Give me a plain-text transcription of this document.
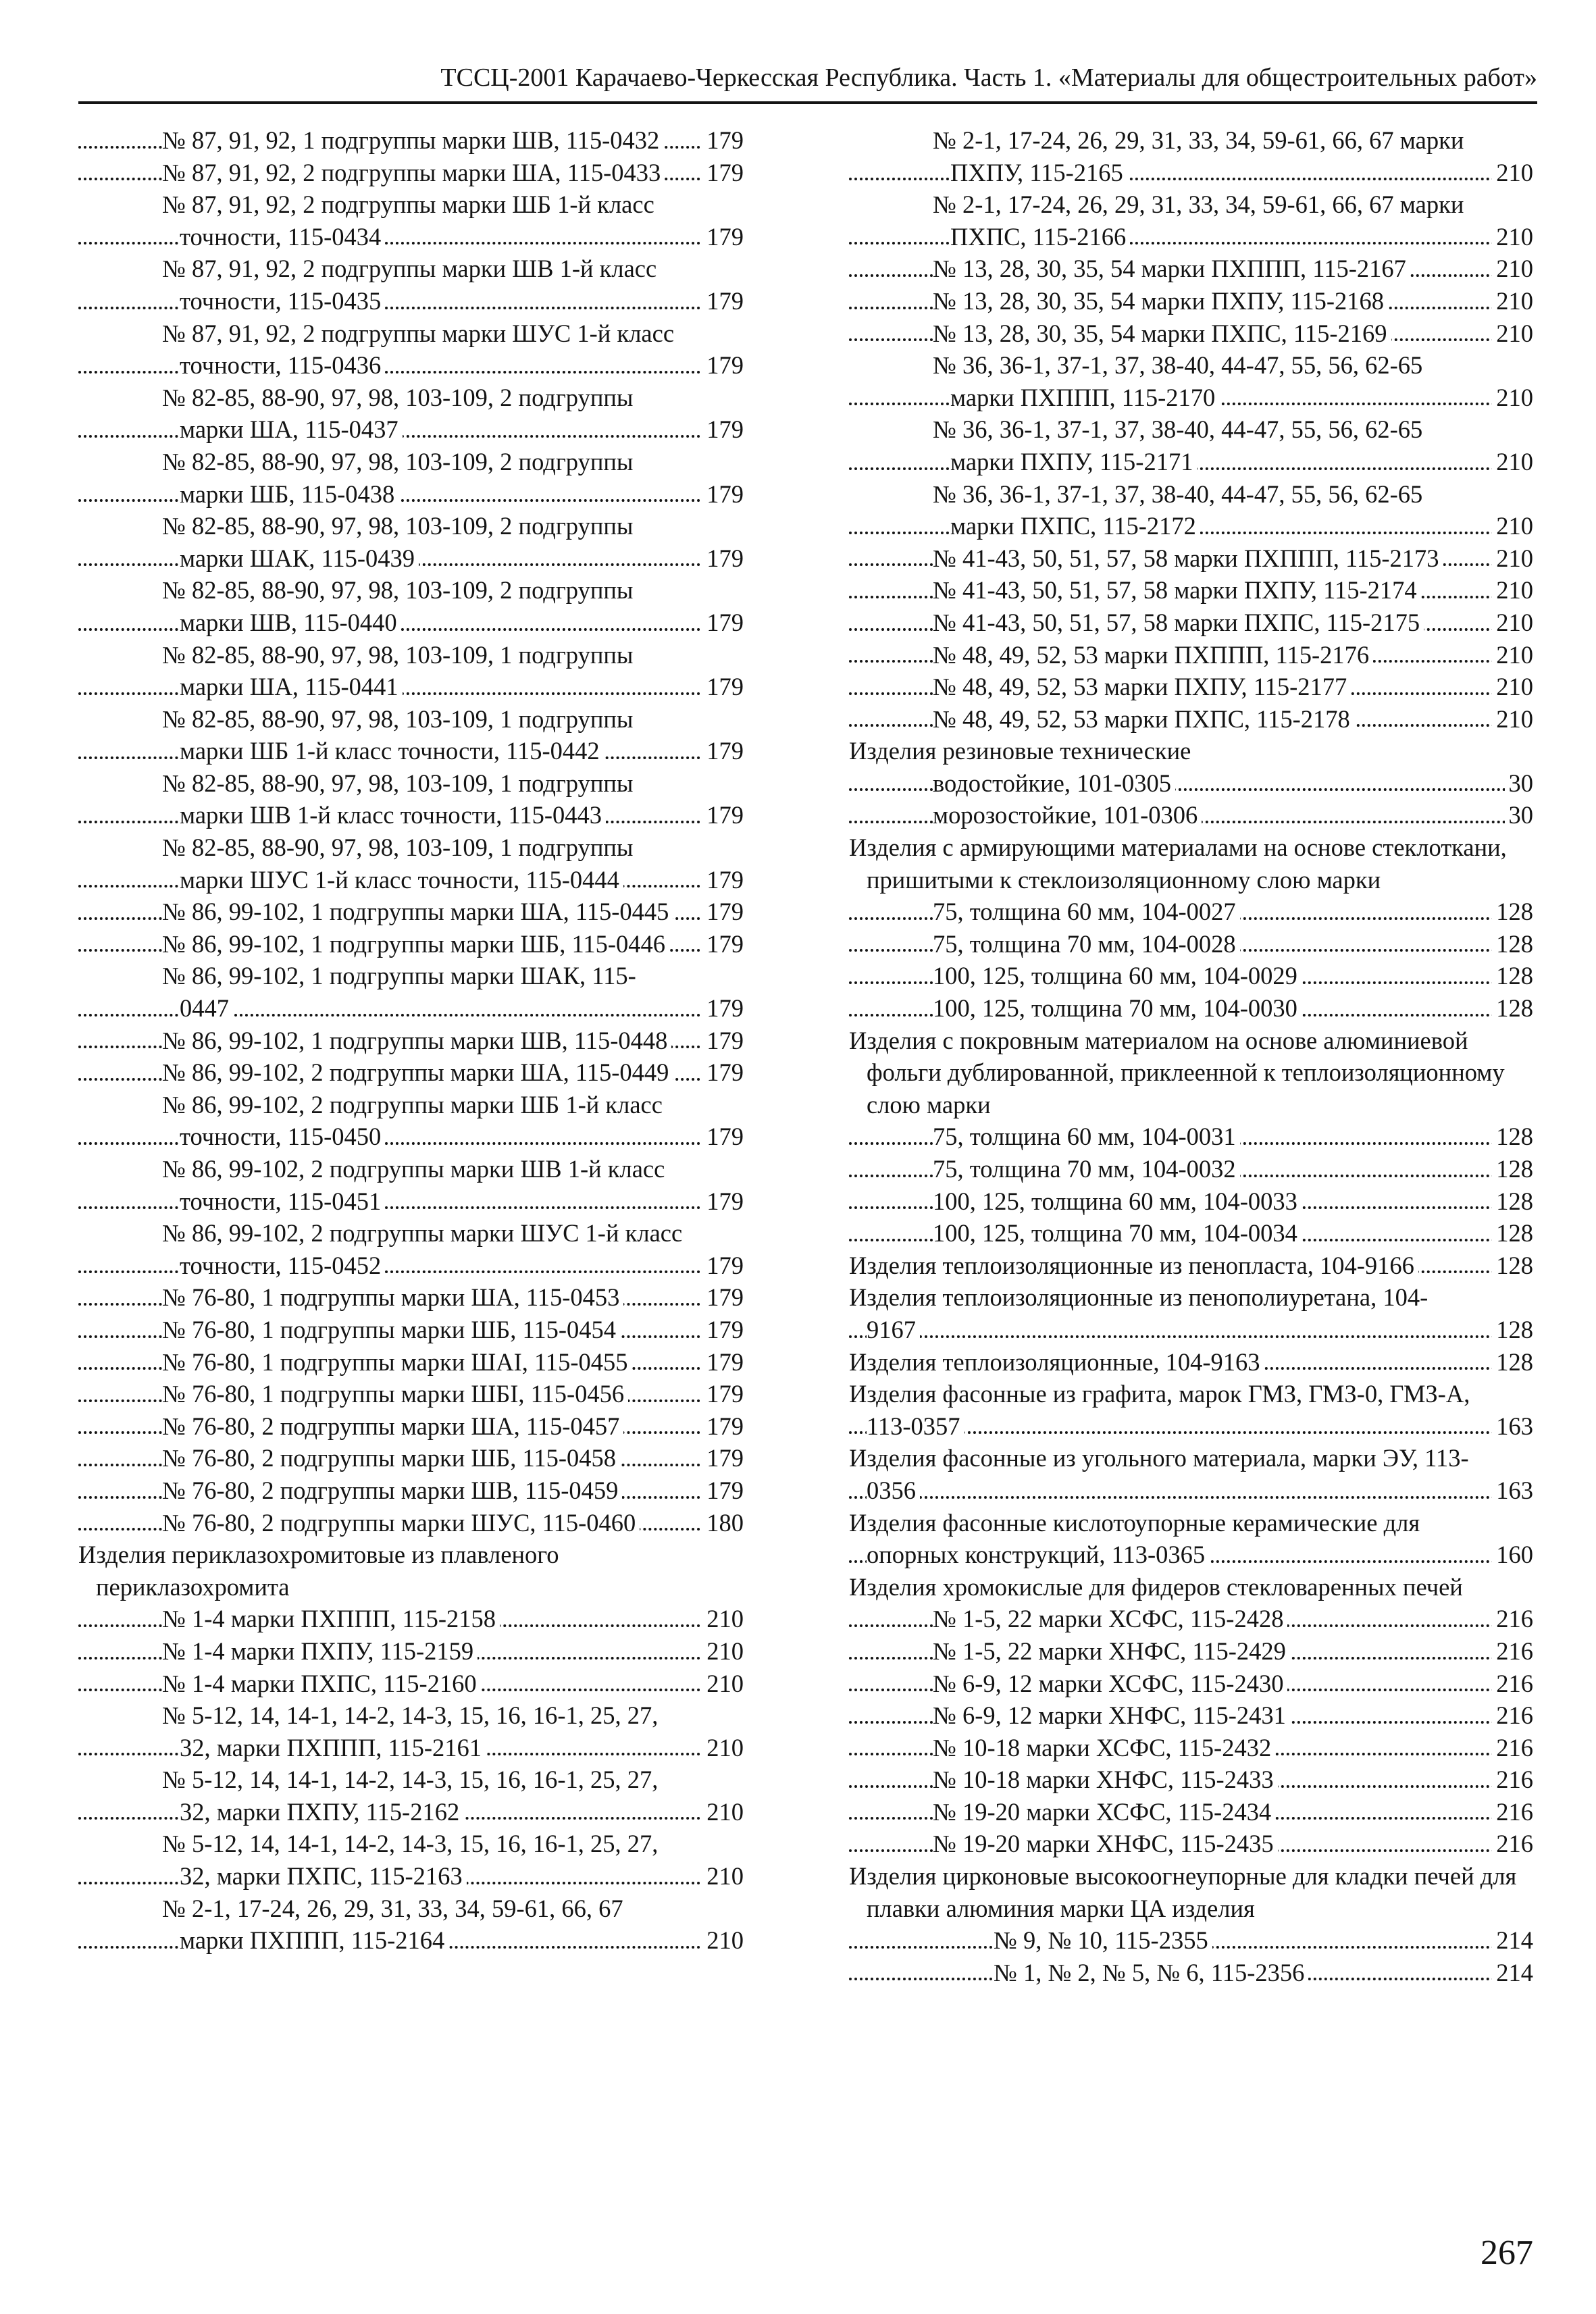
ТССЦ-2001 Карачаево-Черкесская Республика. Часть 1. «Материалы для общестроительных работ»
№ 87, 91, 92, 1 подгруппы марки ШВ, 115-0432	179
№ 87, 91, 92, 2 подгруппы марки ША, 115-0433	179
№ 87, 91, 92, 2 подгруппы марки ШБ 1-й класс точности, 115-0434	179
№ 87, 91, 92, 2 подгруппы марки ШВ 1-й класс точности, 115-0435	179
№ 87, 91, 92, 2 подгруппы марки ШУС 1-й класс точности, 115-0436	179
№ 82-85, 88-90, 97, 98, 103-109, 2 подгруппы марки ША, 115-0437	179
№ 82-85, 88-90, 97, 98, 103-109, 2 подгруппы марки ШБ, 115-0438	179
№ 82-85, 88-90, 97, 98, 103-109, 2 подгруппы марки ШАК, 115-0439	179
№ 82-85, 88-90, 97, 98, 103-109, 2 подгруппы марки ШВ, 115-0440	179
№ 82-85, 88-90, 97, 98, 103-109, 1 подгруппы марки ША, 115-0441	179
№ 82-85, 88-90, 97, 98, 103-109, 1 подгруппы марки ШБ 1-й класс точности, 115-0442	179
№ 82-85, 88-90, 97, 98, 103-109, 1 подгруппы марки ШВ 1-й класс точности, 115-0443	179
№ 82-85, 88-90, 97, 98, 103-109, 1 подгруппы марки ШУС 1-й класс точности, 115-0444	179
№ 86, 99-102, 1 подгруппы марки ША, 115-0445	179
№ 86, 99-102, 1 подгруппы марки ШБ, 115-0446	179
№ 86, 99-102, 1 подгруппы марки ШАК, 115-0447	179
№ 86, 99-102, 1 подгруппы марки ШВ, 115-0448	179
№ 86, 99-102, 2 подгруппы марки ША, 115-0449	179
№ 86, 99-102, 2 подгруппы марки ШБ 1-й класс точности, 115-0450	179
№ 86, 99-102, 2 подгруппы марки ШВ 1-й класс точности, 115-0451	179
№ 86, 99-102, 2 подгруппы марки ШУС 1-й класс точности, 115-0452	179
№ 76-80, 1 подгруппы марки ША, 115-0453	179
№ 76-80, 1 подгруппы марки ШБ, 115-0454	179
№ 76-80, 1 подгруппы марки ШAI, 115-0455	179
№ 76-80, 1 подгруппы марки ШБI, 115-0456	179
№ 76-80, 2 подгруппы марки ША, 115-0457	179
№ 76-80, 2 подгруппы марки ШБ, 115-0458	179
№ 76-80, 2 подгруппы марки ШВ, 115-0459	179
№ 76-80, 2 подгруппы марки ШУС, 115-0460	180
Изделия периклазохромитовые из плавленого периклазохромита
№ 1-4 марки ПХППП, 115-2158	210
№ 1-4 марки ПХПУ, 115-2159	210
№ 1-4 марки ПХПС, 115-2160	210
№ 5-12, 14, 14-1, 14-2, 14-3, 15, 16, 16-1, 25, 27, 32, марки ПХППП, 115-2161	210
№ 5-12, 14, 14-1, 14-2, 14-3, 15, 16, 16-1, 25, 27, 32, марки ПХПУ, 115-2162	210
№ 5-12, 14, 14-1, 14-2, 14-3, 15, 16, 16-1, 25, 27, 32, марки ПХПС, 115-2163	210
№ 2-1, 17-24, 26, 29, 31, 33, 34, 59-61, 66, 67 марки ПХППП, 115-2164	210
№ 2-1, 17-24, 26, 29, 31, 33, 34, 59-61, 66, 67 марки ПХПУ, 115-2165	210
№ 2-1, 17-24, 26, 29, 31, 33, 34, 59-61, 66, 67 марки ПХПС, 115-2166	210
№ 13, 28, 30, 35, 54 марки ПХППП, 115-2167	210
№ 13, 28, 30, 35, 54 марки ПХПУ, 115-2168	210
№ 13, 28, 30, 35, 54 марки ПХПС, 115-2169	210
№ 36, 36-1, 37-1, 37, 38-40, 44-47, 55, 56, 62-65 марки ПХППП, 115-2170	210
№ 36, 36-1, 37-1, 37, 38-40, 44-47, 55, 56, 62-65 марки ПХПУ, 115-2171	210
№ 36, 36-1, 37-1, 37, 38-40, 44-47, 55, 56, 62-65 марки ПХПС, 115-2172	210
№ 41-43, 50, 51, 57, 58 марки ПХППП, 115-2173	210
№ 41-43, 50, 51, 57, 58 марки ПХПУ, 115-2174	210
№ 41-43, 50, 51, 57, 58 марки ПХПС, 115-2175	210
№ 48, 49, 52, 53 марки ПХППП, 115-2176	210
№ 48, 49, 52, 53 марки ПХПУ, 115-2177	210
№ 48, 49, 52, 53 марки ПХПС, 115-2178	210
Изделия резиновые технические
водостойкие, 101-0305	30
морозостойкие, 101-0306	30
Изделия с армирующими материалами на основе стеклоткани, пришитыми к стеклоизоляционному слою марки
75, толщина 60 мм, 104-0027	128
75, толщина 70 мм, 104-0028	128
100, 125, толщина 60 мм, 104-0029	128
100, 125, толщина 70 мм, 104-0030	128
Изделия с покровным материалом на основе алюминиевой фольги дублированной, приклеенной к теплоизоляционному слою марки
75, толщина 60 мм, 104-0031	128
75, толщина 70 мм, 104-0032	128
100, 125, толщина 60 мм, 104-0033	128
100, 125, толщина 70 мм, 104-0034	128
Изделия теплоизоляционные из пенопласта, 104-9166	128
Изделия теплоизоляционные из пенополиуретана, 104-9167	128
Изделия теплоизоляционные, 104-9163	128
Изделия фасонные из графита, марок ГМЗ, ГМЗ-0, ГМЗ-А, 113-0357	163
Изделия фасонные из угольного материала, марки ЭУ, 113-0356	163
Изделия фасонные кислотоупорные керамические для опорных конструкций, 113-0365	160
Изделия хромокислые для фидеров стекловаренных печей
№ 1-5, 22 марки ХСФС, 115-2428	216
№ 1-5, 22 марки ХНФС, 115-2429	216
№ 6-9, 12 марки ХСФС, 115-2430	216
№ 6-9, 12 марки ХНФС, 115-2431	216
№ 10-18 марки ХСФС, 115-2432	216
№ 10-18 марки ХНФС, 115-2433	216
№ 19-20 марки ХСФС, 115-2434	216
№ 19-20 марки ХНФС, 115-2435	216
Изделия цирконовые высокоогнеупорные для кладки печей для плавки алюминия марки ЦА изделия
№ 9, № 10, 115-2355	214
№ 1, № 2, № 5, № 6, 115-2356	214
267
